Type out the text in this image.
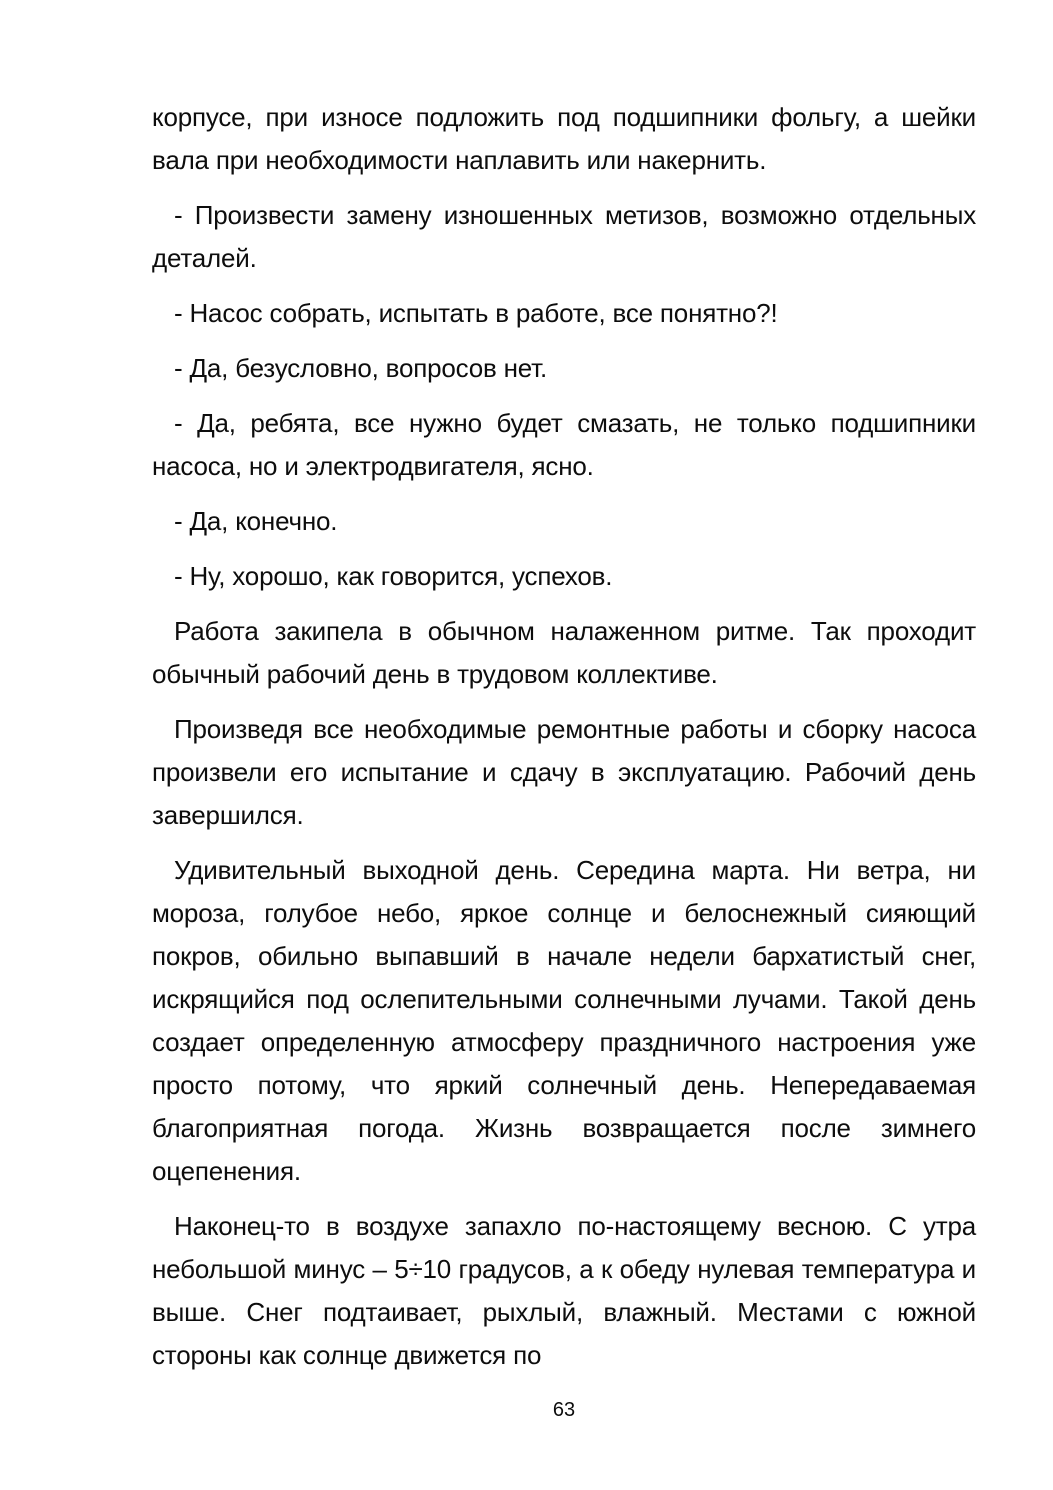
корпусе, при износе подложить под подшипники фольгу, а шейки вала при необходимости наплавить или накернить.

- Произвести замену изношенных метизов, возможно отдельных деталей.

- Насос собрать, испытать в работе, все понятно?!

- Да, безусловно, вопросов нет.

- Да, ребята, все нужно будет смазать, не только подшипники насоса, но и электродвигателя, ясно.

- Да, конечно.

- Ну, хорошо, как говорится, успехов.

Работа закипела в обычном налаженном ритме. Так проходит обычный рабочий день в трудовом коллективе.

Произведя все необходимые ремонтные работы и сборку насоса произвели его испытание и сдачу в эксплуатацию. Рабочий день завершился.

Удивительный выходной день. Середина марта. Ни ветра, ни мороза, голубое небо, яркое солнце и белоснежный сияющий покров, обильно выпавший в начале недели бархатистый снег, искрящийся под ослепительными солнечными лучами. Такой день создает определенную атмосферу праздничного настроения уже просто потому, что яркий солнечный день. Непередаваемая благоприятная погода. Жизнь возвращается после зимнего оцепенения.

Наконец-то в воздухе запахло по-настоящему весною. С утра небольшой минус – 5÷10 градусов, а к обеду нулевая температура и выше. Снег подтаивает, рыхлый, влажный. Местами с южной стороны как солнце движется по

63
